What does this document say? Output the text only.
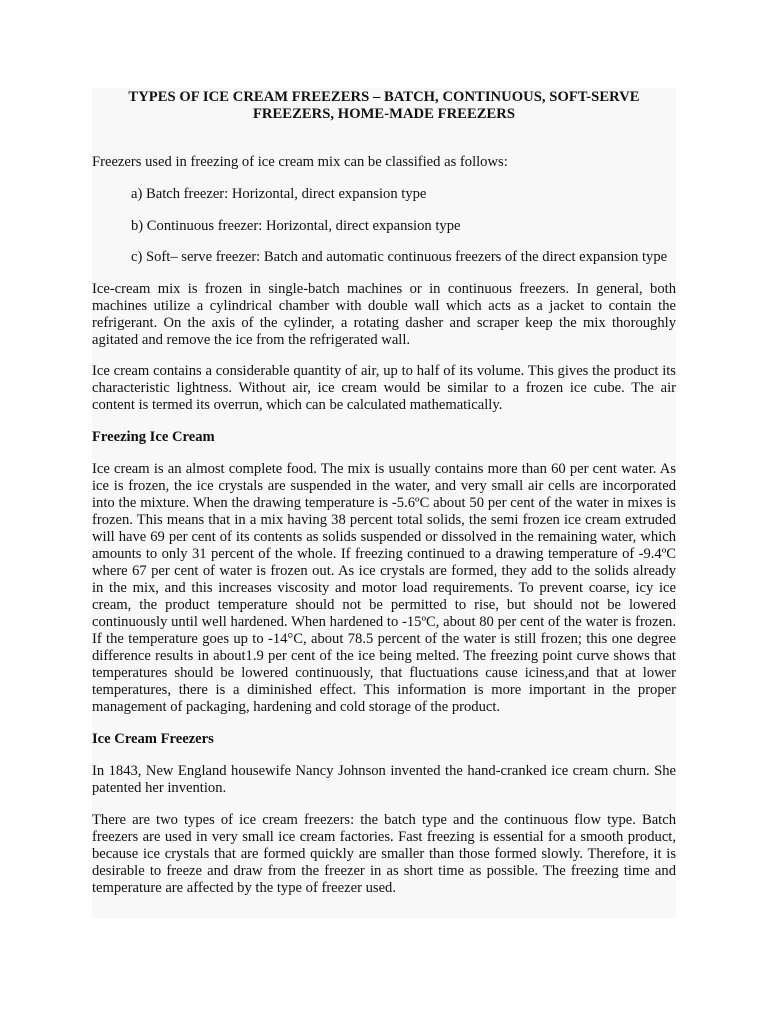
TYPES OF ICE CREAM FREEZERS – BATCH, CONTINUOUS, SOFT-SERVE FREEZERS, HOME-MADE FREEZERS

Freezers used in freezing of ice cream mix can be classified as follows:

a) Batch freezer: Horizontal, direct expansion type

b) Continuous freezer: Horizontal, direct expansion type

c) Soft– serve freezer: Batch and automatic continuous freezers of the direct expansion type

Ice-cream mix is frozen in single-batch machines or in continuous freezers. In general, both machines utilize a cylindrical chamber with double wall which acts as a jacket to contain the refrigerant. On the axis of the cylinder, a rotating dasher and scraper keep the mix thoroughly agitated and remove the ice from the refrigerated wall.

Ice cream contains a considerable quantity of air, up to half of its volume. This gives the product its characteristic lightness. Without air, ice cream would be similar to a frozen ice cube. The air content is termed its overrun, which can be calculated mathematically.

Freezing Ice Cream

Ice cream is an almost complete food. The mix is usually contains more than 60 per cent water. As ice is frozen, the ice crystals are suspended in the water, and very small air cells are incorporated into the mixture. When the drawing temperature is -5.6ºC about 50 per cent of the water in mixes is frozen. This means that in a mix having 38 percent total solids, the semi frozen ice cream extruded will have 69 per cent of its contents as solids suspended or dissolved in the remaining water, which amounts to only 31 percent of the whole. If freezing continued to a drawing temperature of -9.4ºC where 67 per cent of water is frozen out. As ice crystals are formed, they add to the solids already in the mix, and this increases viscosity and motor load requirements. To prevent coarse, icy ice cream, the product temperature should not be permitted to rise, but should not be lowered continuously until well hardened. When hardened to -15ºC, about 80 per cent of the water is frozen. If the temperature goes up to -14°C, about 78.5 percent of the water is still frozen; this one degree difference results in about1.9 per cent of the ice being melted. The freezing point curve shows that temperatures should be lowered continuously, that fluctuations cause iciness,and that at lower temperatures, there is a diminished effect. This information is more important in the proper management of packaging, hardening and cold storage of the product.

Ice Cream Freezers

In 1843, New England housewife Nancy Johnson invented the hand-cranked ice cream churn. She patented her invention.

There are two types of ice cream freezers: the batch type and the continuous flow type. Batch freezers are used in very small ice cream factories. Fast freezing is essential for a smooth product, because ice crystals that are formed quickly are smaller than those formed slowly. Therefore, it is desirable to freeze and draw from the freezer in as short time as possible. The freezing time and temperature are affected by the type of freezer used.
